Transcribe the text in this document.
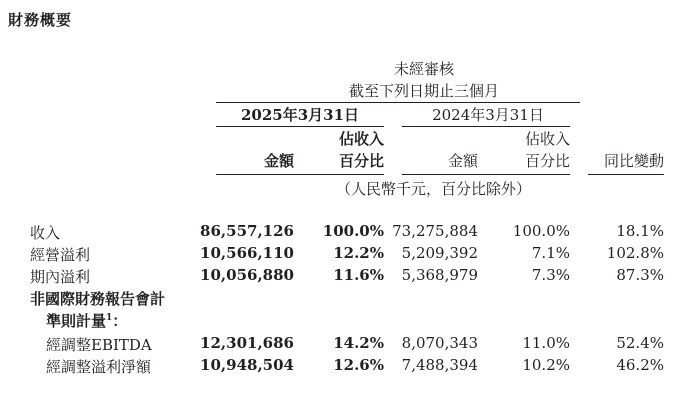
財務概要
未經審核
截至下列日期止三個月
2025年3月31日	2024年3月31日
金額
佔收入
百分比	金額
佔收入
百分比	同比變動
（人民幣千元，百分比除外）
收入	86,557,126	100.0% 73,275,884	100.0%	18.1%
經營溢利	10,566,110	12.2%	5,209,392	7.1%	102.8%
期內溢利	10,056,880	11.6%	5,368,979	7.3%	87.3%
非國際財務報告會計
準則計量$^1$：
經調整EBITDA	12,301,686	14.2%	8,070,343	11.0%	52.4%
經調整溢利淨額	10,948,504	12.6%	7,488,394	10.2%	46.2%
